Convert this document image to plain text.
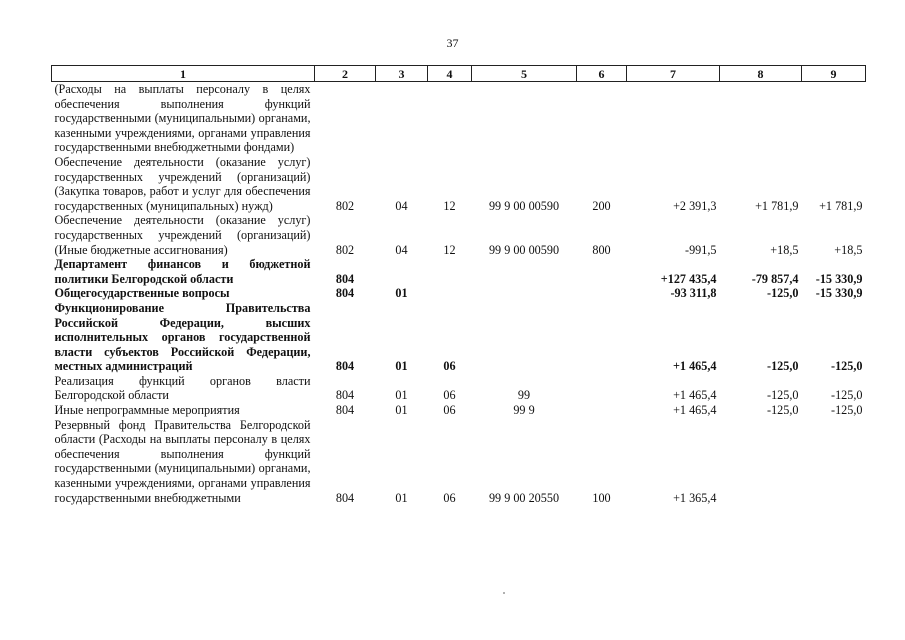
37
1	2	3	4	5	6	7	8	9
(Расходы на выплаты персоналу в целях обеспечения выполнения функций государственными (муниципальными) органами, казенными учреждениями, органами управления государственными внебюджетными фондами)								
Обеспечение деятельности (оказание услуг) государственных учреждений (организаций) (Закупка товаров, работ и услуг для обеспечения государственных (муниципальных) нужд)	802	04	12	99 9 00 00590	200	+2 391,3	+1 781,9	+1 781,9
Обеспечение деятельности (оказание услуг) государственных учреждений (организаций) (Иные бюджетные ассигнования)	802	04	12	99 9 00 00590	800	-991,5	+18,5	+18,5
Департамент финансов и бюджетной политики Белгородской области	804					+127 435,4	-79 857,4	-15 330,9
Общегосударственные вопросы	804	01				-93 311,8	-125,0	-15 330,9
Функционирование Правительства Российской Федерации, высших исполнительных органов государственной власти субъектов Российской Федерации, местных администраций	804	01	06			+1 465,4	-125,0	-125,0
Реализация функций органов власти Белгородской области	804	01	06	99		+1 465,4	-125,0	-125,0
Иные непрограммные мероприятия	804	01	06	99 9		+1 465,4	-125,0	-125,0
Резервный фонд Правительства Белгородской области (Расходы на выплаты персоналу в целях обеспечения выполнения функций государственными (муниципальными) органами, казенными учреждениями, органами управления государственными внебюджетными	804	01	06	99 9 00 20550	100	+1 365,4		
